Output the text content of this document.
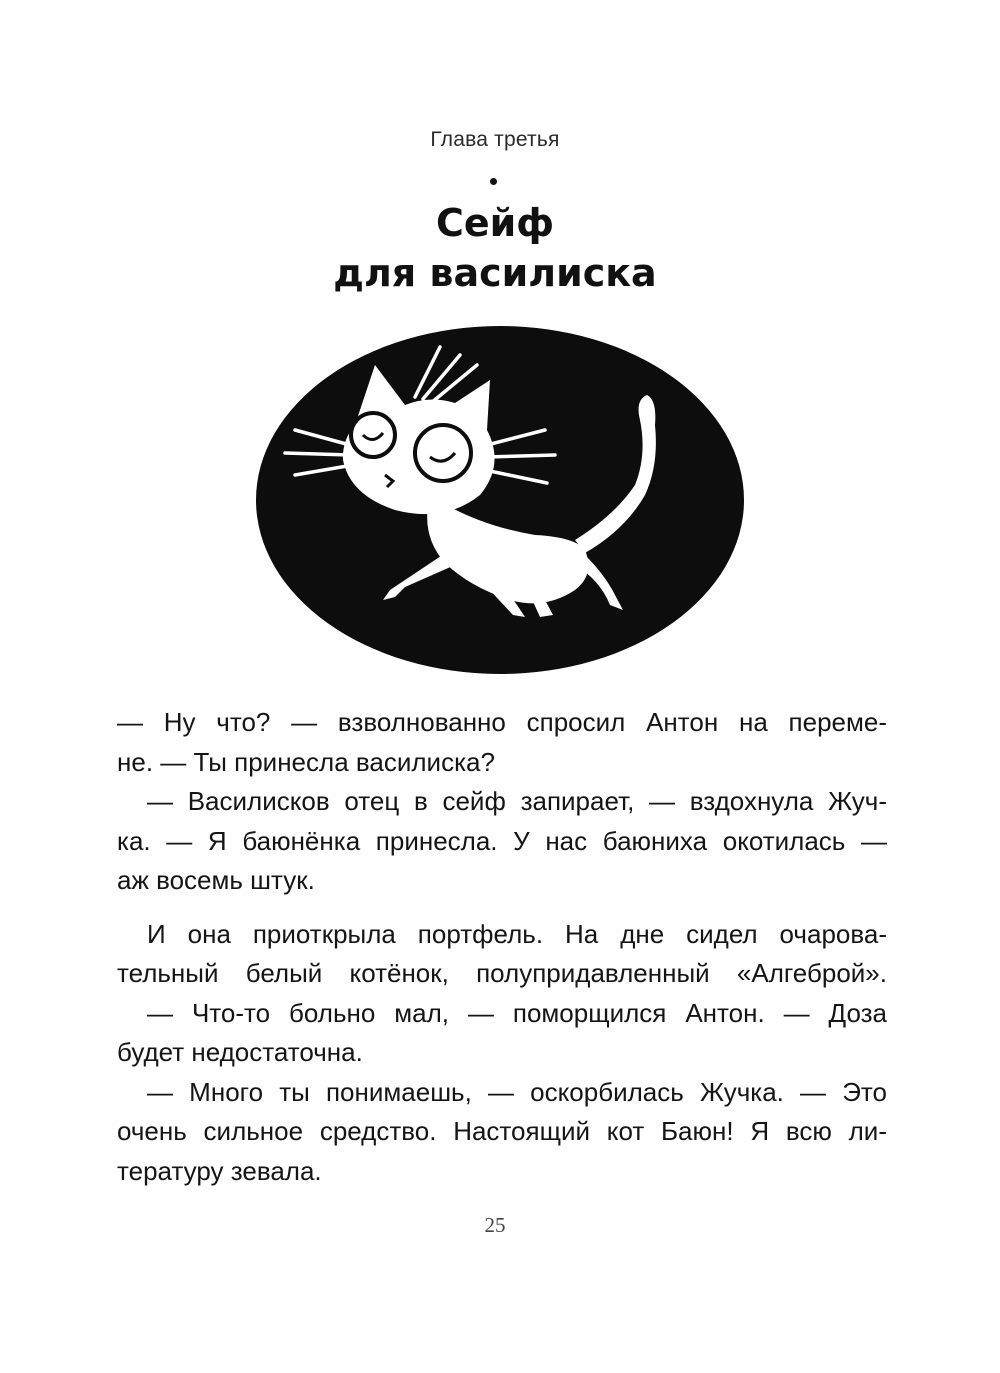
Глава третья
Сейф
для василиска
— Ну что? — взволнованно спросил Антон на переме-
не. — Ты принесла василиска?
— Василисков отец в сейф запирает, — вздохнула Жуч-
ка. — Я баюнёнка принесла. У нас баюниха окотилась —
аж восемь штук.
И она приоткрыла портфель. На дне сидел очарова-
тельный белый котёнок, полупридавленный «Алгеброй».
— Что-то больно мал, — поморщился Антон. — Доза
будет недостаточна.
— Много ты понимаешь, — оскорбилась Жучка. — Это
очень сильное средство. Настоящий кот Баюн! Я всю ли-
тературу зевала.
25
